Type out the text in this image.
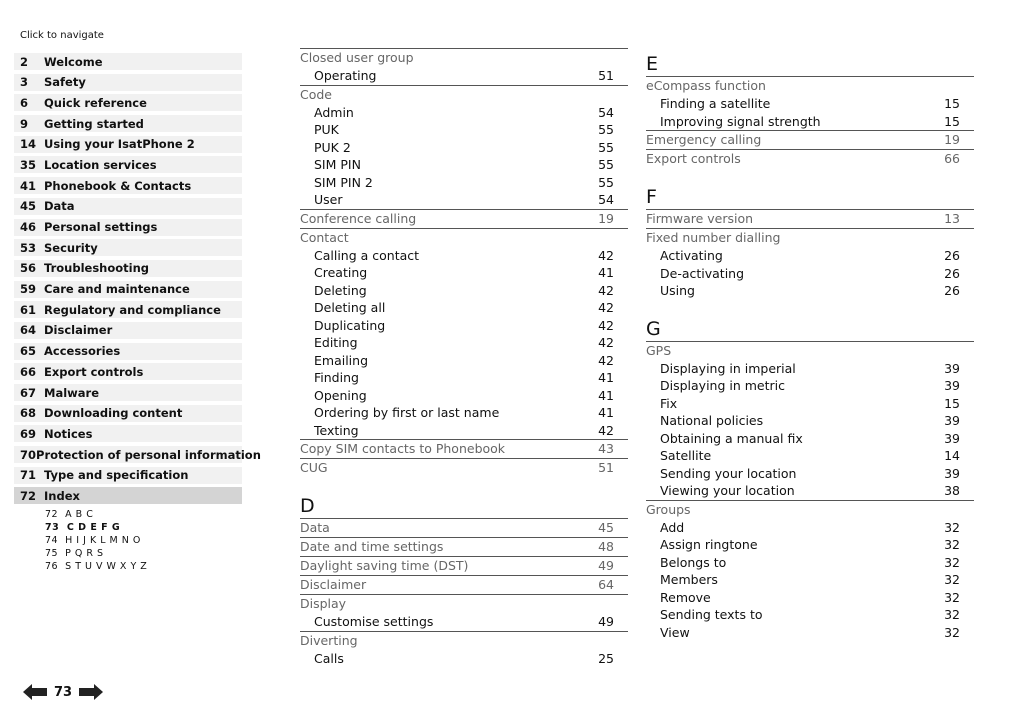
Click to navigate
2	Welcome
3	Safety
6	Quick reference
9	Getting started
14 Using your IsatPhone 2
35 Location services
41 Phonebook & Contacts
45 Data
46 Personal settings
53 Security
56 Troubleshooting
59 Care and maintenance
61 Regulatory and compliance
64 Disclaimer
65 Accessories
66 Export controls
67 Malware
68 Downloading content
69 Notices
70 Protection of personal information
71 Type and specification
72 Index
72 A B C
73 C D E F G
74 H I J K L M N O
75 P Q R S
76 S T U V W X Y Z
Closed user group
Operating	51
Code
Admin	54
PUK	55
PUK 2	55
SIM PIN	55
SIM PIN 2	55
User	54
Conference calling	19
Contact
Calling a contact	42
Creating	41
Deleting	42
Deleting all	42
Duplicating	42
Editing	42
Emailing	42
Finding	41
Opening	41
Ordering by first or last name	41
Texting	42
Copy SIM contacts to Phonebook	43
CUG	51
D
Data	45
Date and time settings	48
Daylight saving time (DST)	49
Disclaimer	64
Display
Customise settings	49
Diverting
Calls	25
E
eCompass function
Finding a satellite	15
Improving signal strength	15
Emergency calling	19
Export controls	66
F
Firmware version	13
Fixed number dialling
Activating	26
De-activating	26
Using	26
G
GPS
Displaying in imperial	39
Displaying in metric	39
Fix	15
National policies	39
Obtaining a manual fix	39
Satellite	14
Sending your location	39
Viewing your location	38
Groups
Add	32
Assign ringtone	32
Belongs to	32
Members	32
Remove	32
Sending texts to	32
View	32
73
